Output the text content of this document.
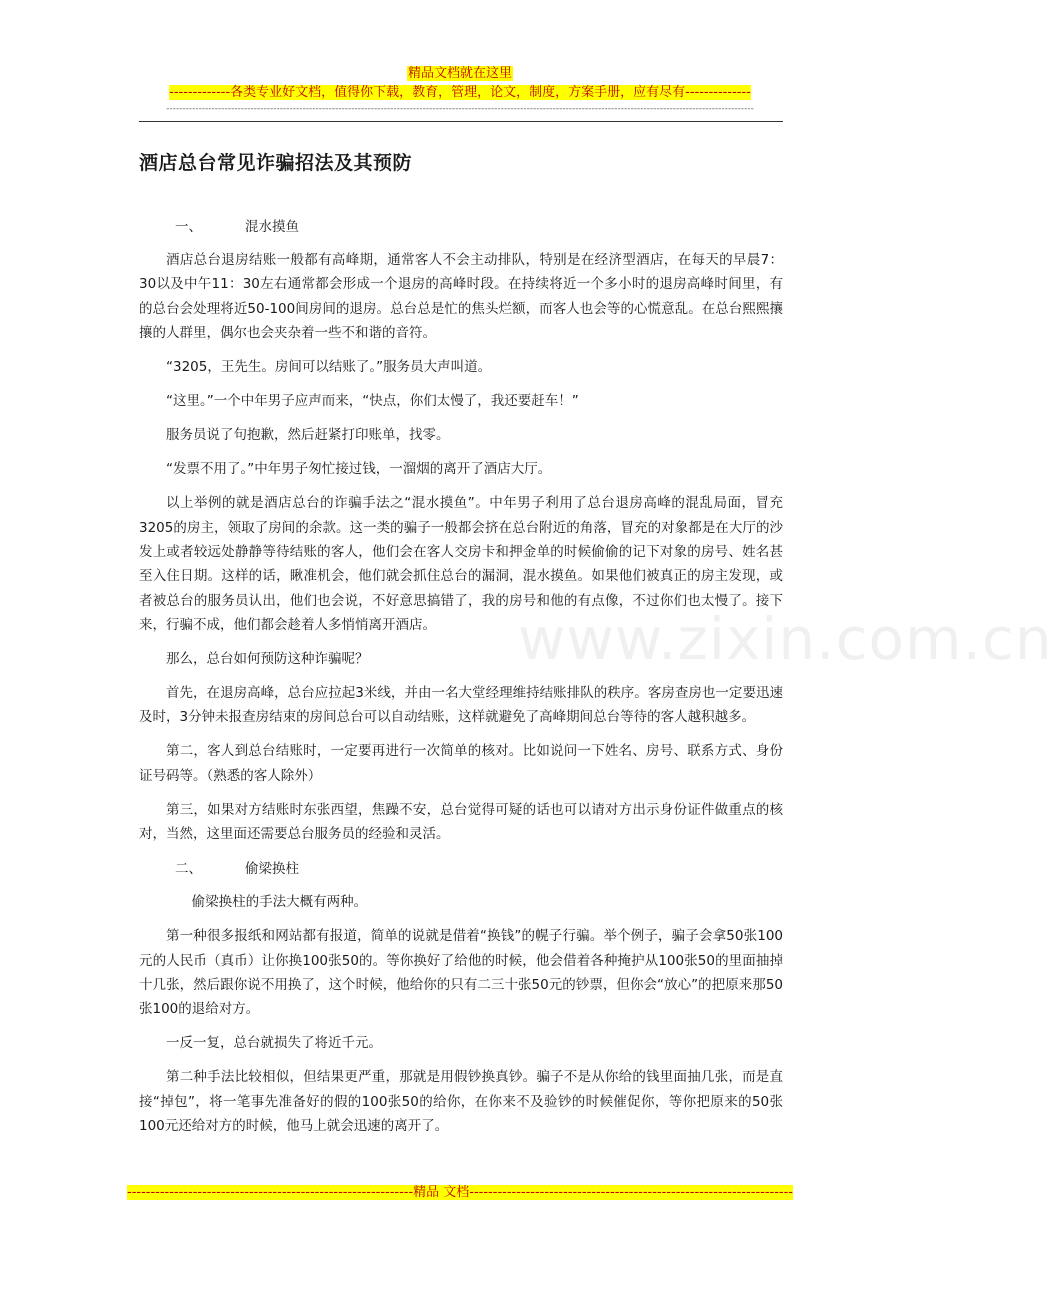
精品文档就在这里
-------------各类专业好文档，值得你下载，教育，管理，论文，制度，方案手册，应有尽有--------------
-------------------------------------------------------------------------------------------------------------------------------------------------------------------------------------
www.zixin.com.cn
酒店总台常见诈骗招法及其预防
一、	混水摸鱼

酒店总台退房结账一般都有高峰期，通常客人不会主动排队，特别是在经济型酒店，在每天的早晨7：30以及中午11：30左右通常都会形成一个退房的高峰时段。在持续将近一个多小时的退房高峰时间里，有的总台会处理将近50-100间房间的退房。总台总是忙的焦头烂额，而客人也会等的心慌意乱。在总台熙熙攘攘的人群里，偶尔也会夹杂着一些不和谐的音符。

“3205，王先生。房间可以结账了。”服务员大声叫道。

“这里。”一个中年男子应声而来，“快点，你们太慢了，我还要赶车！”

服务员说了句抱歉，然后赶紧打印账单，找零。

“发票不用了。”中年男子匆忙接过钱，一溜烟的离开了酒店大厅。

以上举例的就是酒店总台的诈骗手法之“混水摸鱼”。中年男子利用了总台退房高峰的混乱局面，冒充3205的房主，领取了房间的余款。这一类的骗子一般都会挤在总台附近的角落，冒充的对象都是在大厅的沙发上或者较远处静静等待结账的客人，他们会在客人交房卡和押金单的时候偷偷的记下对象的房号、姓名甚至入住日期。这样的话，瞅准机会，他们就会抓住总台的漏洞，混水摸鱼。如果他们被真正的房主发现，或者被总台的服务员认出，他们也会说，不好意思搞错了，我的房号和他的有点像，不过你们也太慢了。接下来，行骗不成，他们都会趁着人多悄悄离开酒店。

那么，总台如何预防这种诈骗呢？

首先，在退房高峰，总台应拉起3米线，并由一名大堂经理维持结账排队的秩序。客房查房也一定要迅速及时，3分钟未报查房结束的房间总台可以自动结账，这样就避免了高峰期间总台等待的客人越积越多。

第二，客人到总台结账时，一定要再进行一次简单的核对。比如说问一下姓名、房号、联系方式、身份证号码等。（熟悉的客人除外）

第三，如果对方结账时东张西望，焦躁不安，总台觉得可疑的话也可以请对方出示身份证件做重点的核对，当然，这里面还需要总台服务员的经验和灵活。

二、	偷梁换柱

偷梁换柱的手法大概有两种。

第一种很多报纸和网站都有报道，简单的说就是借着“换钱”的幌子行骗。举个例子，骗子会拿50张100元的人民币（真币）让你换100张50的。等你换好了给他的时候，他会借着各种掩护从100张50的里面抽掉十几张，然后跟你说不用换了，这个时候，他给你的只有二三十张50元的钞票，但你会“放心”的把原来那50张100的退给对方。

一反一复，总台就损失了将近千元。

第二种手法比较相似，但结果更严重，那就是用假钞换真钞。骗子不是从你给的钱里面抽几张，而是直接“掉包”，将一笔事先准备好的假的100张50的给你，在你来不及验钞的时候催促你，等你把原来的50张100元还给对方的时候，他马上就会迅速的离开了。

-------------------------------------------------------------精品 文档---------------------------------------------------------------------
